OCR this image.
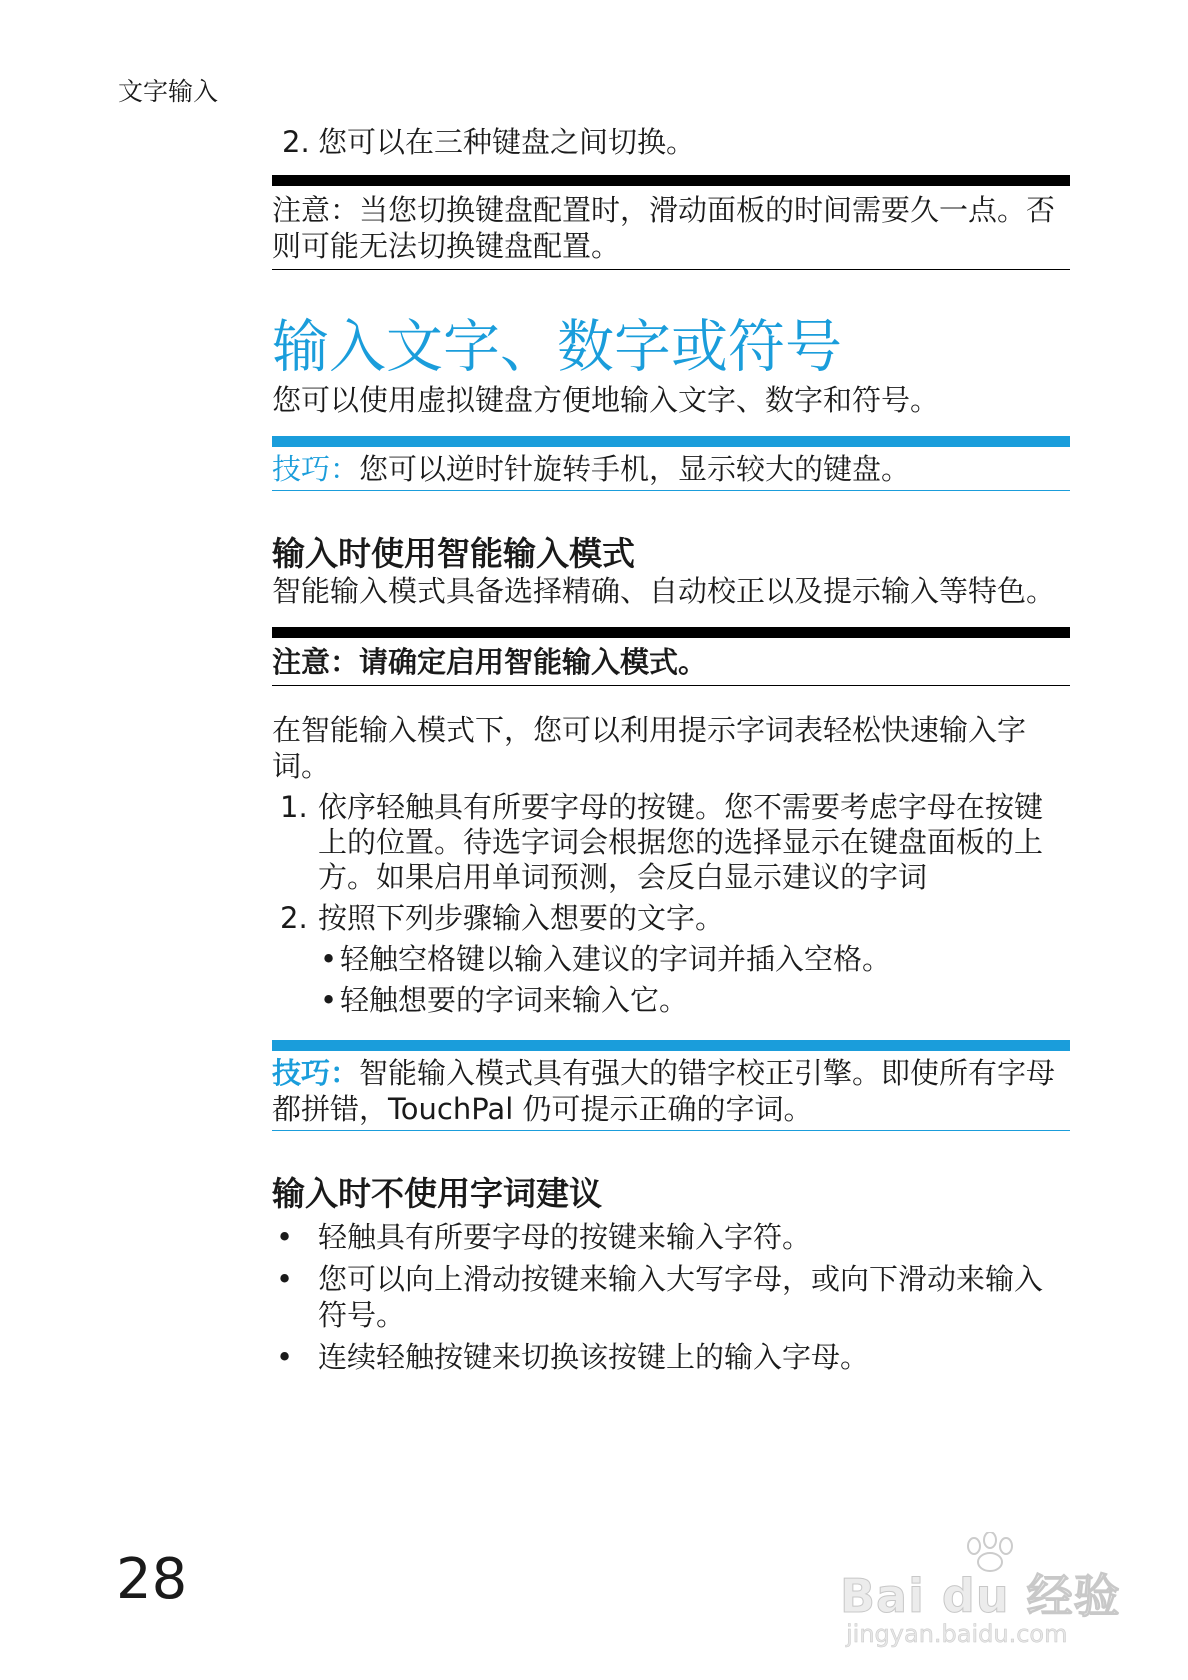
文字输入
2. 您可以在三种键盘之间切换。
注意：当您切换键盘配置时，滑动面板的时间需要久一点。否则可能无法切换键盘配置。
输入文字、数字或符号

您可以使用虚拟键盘方便地输入文字、数字和符号。

技巧：您可以逆时针旋转手机，显示较大的键盘。
输入时使用智能输入模式

智能输入模式具备选择精确、自动校正以及提示输入等特色。

注意：请确定启用智能输入模式。

在智能输入模式下，您可以利用提示字词表轻松快速输入字词。

1. 依序轻触具有所要字母的按键。您不需要考虑字母在按键上的位置。待选字词会根据您的选择显示在键盘面板的上方。如果启用单词预测，会反白显示建议的字词
2. 按照下列步骤输入想要的文字。
• 轻触空格键以输入建议的字词并插入空格。
• 轻触想要的字词来输入它。
技巧：智能输入模式具有强大的错字校正引擎。即使所有字母都拼错，TouchPal 仍可提示正确的字词。
输入时不使用字词建议
• 轻触具有所要字母的按键来输入字符。
• 您可以向上滑动按键来输入大写字母，或向下滑动来输入符号。
• 连续轻触按键来切换该按键上的输入字母。
28	Bai du 经验
jingyan.baidu.com
